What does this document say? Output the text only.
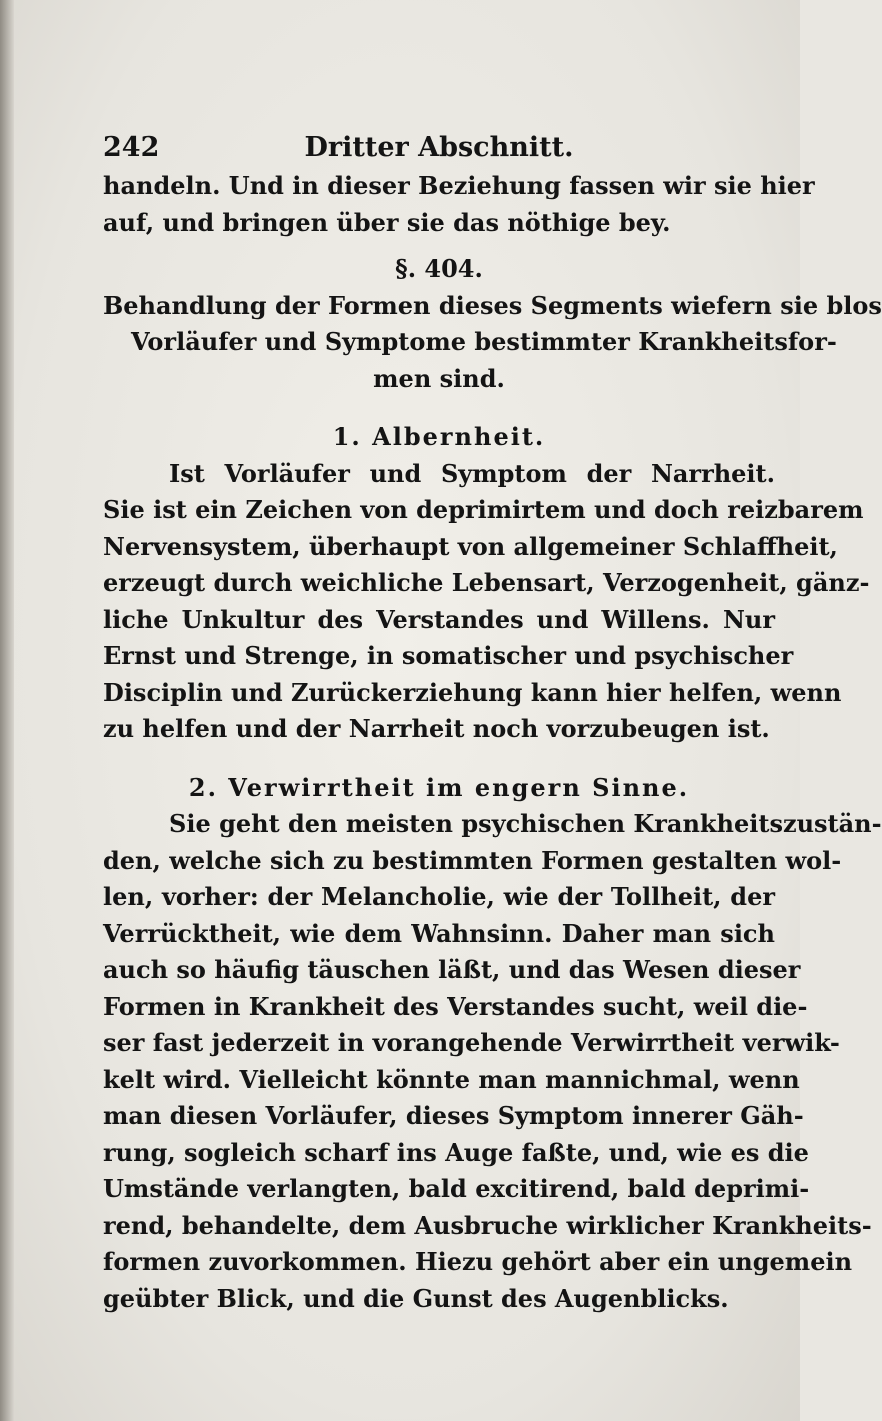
242	Dritter Abschnitt.
handeln. Und in dieser Beziehung fassen wir sie hier
auf, und bringen über sie das nöthige bey.
§. 404.
Behandlung der Formen dieses Segments wiefern sie blos
Vorläufer und Symptome bestimmter Krankheitsfor-
men sind.
1. Albernheit.
Ist Vorläufer und Symptom der Narrheit.
Sie ist ein Zeichen von deprimirtem und doch reizbarem
Nervensystem, überhaupt von allgemeiner Schlaffheit,
erzeugt durch weichliche Lebensart, Verzogenheit, gänz-
liche Unkultur des Verstandes und Willens. Nur
Ernst und Strenge, in somatischer und psychischer
Disciplin und Zurückerziehung kann hier helfen, wenn
zu helfen und der Narrheit noch vorzubeugen ist.
2. Verwirrtheit im engern Sinne.
Sie geht den meisten psychischen Krankheitszustän-
den, welche sich zu bestimmten Formen gestalten wol-
len, vorher: der Melancholie, wie der Tollheit, der
Verrücktheit, wie dem Wahnsinn. Daher man sich
auch so häufig täuschen läßt, und das Wesen dieser
Formen in Krankheit des Verstandes sucht, weil die-
ser fast jederzeit in vorangehende Verwirrtheit verwik-
kelt wird. Vielleicht könnte man mannichmal, wenn
man diesen Vorläufer, dieses Symptom innerer Gäh-
rung, sogleich scharf ins Auge faßte, und, wie es die
Umstände verlangten, bald excitirend, bald deprimi-
rend, behandelte, dem Ausbruche wirklicher Krankheits-
formen zuvorkommen. Hiezu gehört aber ein ungemein
geübter Blick, und die Gunst des Augenblicks.
